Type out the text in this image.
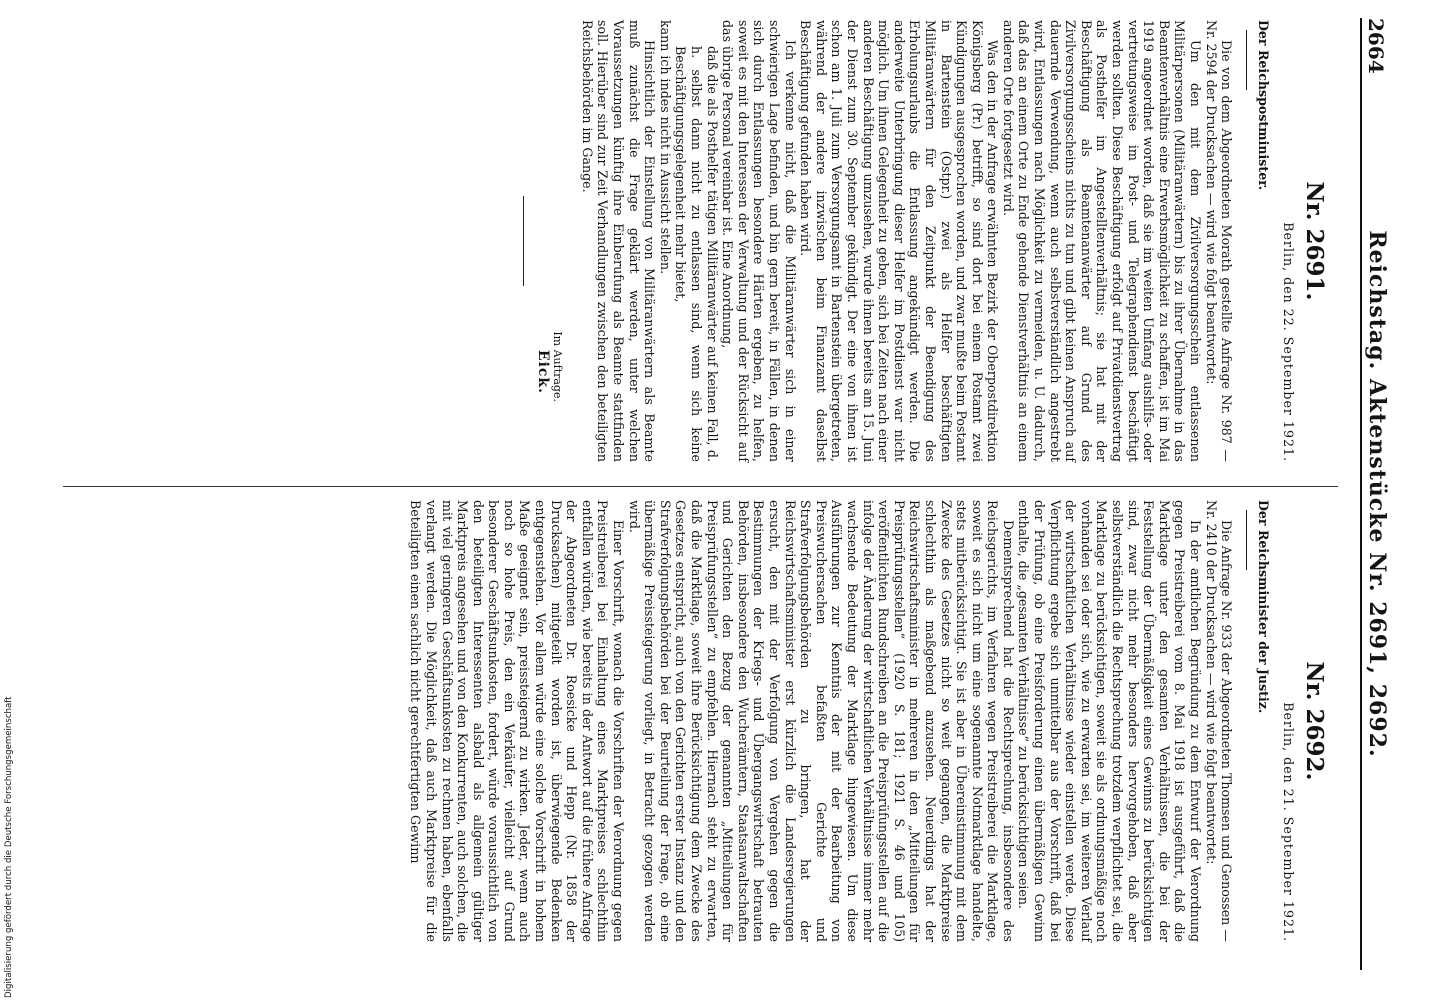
2664
Reichstag. Aktenstücke Nr. 2691, 2692.
Nr. 2691.
Berlin, den 22. September 1921.
Der Reichspostminister.

Die von dem Abgeordneten Morath gestellte Anfrage Nr. 987 — Nr. 2594 der Drucksachen — wird wie folgt beantwortet:

Um den mit dem Zivilversorgungsschein entlassenen Militärpersonen (Militäranwärtern) bis zu ihrer Übernahme in das Beamtenverhältnis eine Erwerbsmöglichkeit zu schaffen, ist im Mai 1919 angeordnet worden, daß sie im weiten Umfang aushilfs- oder vertretungsweise im Post- und Telegraphendienst beschäftigt werden sollten. Diese Beschäftigung erfolgt auf Privatdienstvertrag als Posthelfer im Angestelltenverhältnis; sie hat mit der Beschäftigung als Beamtenanwärter auf Grund des Zivilversorgungsscheins nichts zu tun und gibt keinen Anspruch auf dauernde Verwendung, wenn auch selbstverständlich angestrebt wird, Entlassungen nach Möglichkeit zu vermeiden, u. U. dadurch, daß das an einem Orte zu Ende gehende Dienstverhältnis an einem anderen Orte fortgesetzt wird.

Was den in der Anfrage erwähnten Bezirk der Oberpostdirektion Königsberg (Pr.) betrifft, so sind dort bei einem Postamt zwei Kündigungen ausgesprochen worden, und zwar mußte beim Postamt in Bartenstein (Ostpr.) zwei als Helfer beschäftigten Militäranwärtern für den Zeitpunkt der Beendigung des Erholungsurlaubs die Entlassung angekündigt werden. Die anderweite Unterbringung dieser Helfer im Postdienst war nicht möglich. Um ihnen Gelegenheit zu geben, sich bei Zeiten nach einer anderen Beschäftigung umzusehen, wurde ihnen bereits am 15. Juni der Dienst zum 30. September gekündigt. Der eine von ihnen ist schon am 1. Juli zum Versorgungsamt in Bartenstein übergetreten, während der andere inzwischen beim Finanzamt daselbst Beschäftigung gefunden haben wird.

Ich verkenne nicht, daß die Militäranwärter sich in einer schwierigen Lage befinden, und bin gern bereit, in Fällen, in denen sich durch Entlassungen besondere Härten ergeben, zu helfen, soweit es mit den Interessen der Verwaltung und der Rücksicht auf das übrige Personal vereinbar ist. Eine Anordnung,

daß die als Posthelfer tätigen Militäranwärter auf keinen Fall, d. h. selbst dann nicht zu entlassen sind, wenn sich keine Beschäftigungsgelegenheit mehr bietet,

kann ich indes nicht in Aussicht stellen.

Hinsichtlich der Einstellung von Militäranwärtern als Beamte muß zunächst die Frage geklärt werden, unter welchen Voraussetzungen künftig ihre Einberufung als Beamte stattfinden soll. Hierüber sind zur Zeit Verhandlungen zwischen den beteiligten Reichsbehörden im Gange.

Im Auftrage.
Eick.
Nr. 2692.
Berlin, den 21. September 1921.
Der Reichsminister der Justiz.

Die Anfrage Nr. 933 der Abgeordneten Thomsen und Genossen — Nr. 2410 der Drucksachen — wird wie folgt beantwortet:

In der amtlichen Begründung zu dem Entwurf der Verordnung gegen Preistreiberei vom 8. Mai 1918 ist ausgeführt, daß die Marktlage unter den gesamten Verhältnissen, die bei der Feststellung der Übermäßigkeit eines Gewinns zu berücksichtigen sind, zwar nicht mehr besonders hervorgehoben, daß aber selbstverständlich die Rechtsprechung trotzdem verpflichtet sei, die Marktlage zu berücksichtigen, soweit sie als ordnungsmäßige noch vorhanden sei oder sich, wie zu erwarten sei, im weiteren Verlauf der wirtschaftlichen Verhältnisse wieder einstellen werde. Diese Verpflichtung ergebe sich unmittelbar aus der Vorschrift, daß bei der Prüfung, ob eine Preisforderung einen übermäßigen Gewinn enthalte, die „gesamten Verhältnisse“ zu berücksichtigen seien.

Dementsprechend hat die Rechtsprechung, insbesondere des Reichsgerichts, im Verfahren wegen Preistreiberei die Marktlage, soweit es sich nicht um eine sogenannte Notmarktlage handelte, stets mitberücksichtigt. Sie ist aber in Übereinstimmung mit dem Zwecke des Gesetzes nicht so weit gegangen, die Marktpreise schlechthin als maßgebend anzusehen. Neuerdings hat der Reichswirtschaftsminister in mehreren in den „Mitteilungen für Preisprüfungsstellen“ (1920 S. 181; 1921 S. 46 und 105) veröffentlichten Rundschreiben an die Preisprüfungsstellen auf die infolge der Änderung der wirtschaftlichen Verhältnisse immer mehr wachsende Bedeutung der Marktlage hingewiesen. Um diese Ausführungen zur Kenntnis der mit der Bearbeitung von Preiswuchersachen befaßten Gerichte und Strafverfolgungsbehörden zu bringen, hat der Reichswirtschaftsminister erst kürzlich die Landesregierungen ersucht, den mit der Verfolgung von Vergehen gegen die Bestimmungen der Kriegs- und Übergangswirtschaft betrauten Behörden, insbesondere den Wucherämtern, Staatsanwaltschaften und Gerichten den Bezug der genannten „Mitteilungen für Preisprüfungsstellen“ zu empfehlen. Hiernach steht zu erwarten, daß die Marktlage, soweit ihre Berücksichtigung dem Zwecke des Gesetzes entspricht, auch von den Gerichten erster Instanz und den Strafverfolgungsbehörden bei der Beurteilung der Frage, ob eine übermäßige Preissteigerung vorliegt, in Betracht gezogen werden wird.

Einer Vorschrift, wonach die Vorschriften der Verordnung gegen Preistreiberei bei Einhaltung eines Marktpreises schlechthin entfallen würden, wie bereits in der Antwort auf die frühere Anfrage der Abgeordneten Dr. Roesicke und Hepp (Nr. 1858 der Drucksachen) mitgeteilt worden ist, überwiegende Bedenken entgegenstehen. Vor allem würde eine solche Vorschrift in hohem Maße geeignet sein, preissteigernd zu wirken. Jeder, wenn auch noch so hohe Preis, den ein Verkäufer, vielleicht auf Grund besonderer Geschäftsunkosten, fordert, würde voraussichtlich von den beteiligten Interessenten alsbald als allgemein gültiger Marktpreis angesehen und von den Konkurrenten, auch solchen, die mit viel geringeren Geschäftsunkosten zu rechnen haben, ebenfalls verlangt werden. Die Möglichkeit, daß auch Marktpreise für die Beteiligten einen sachlich nicht gerechtfertigten Gewinn

Digitalisierung gefördert durch die Deutsche Forschungsgemeinschaft
